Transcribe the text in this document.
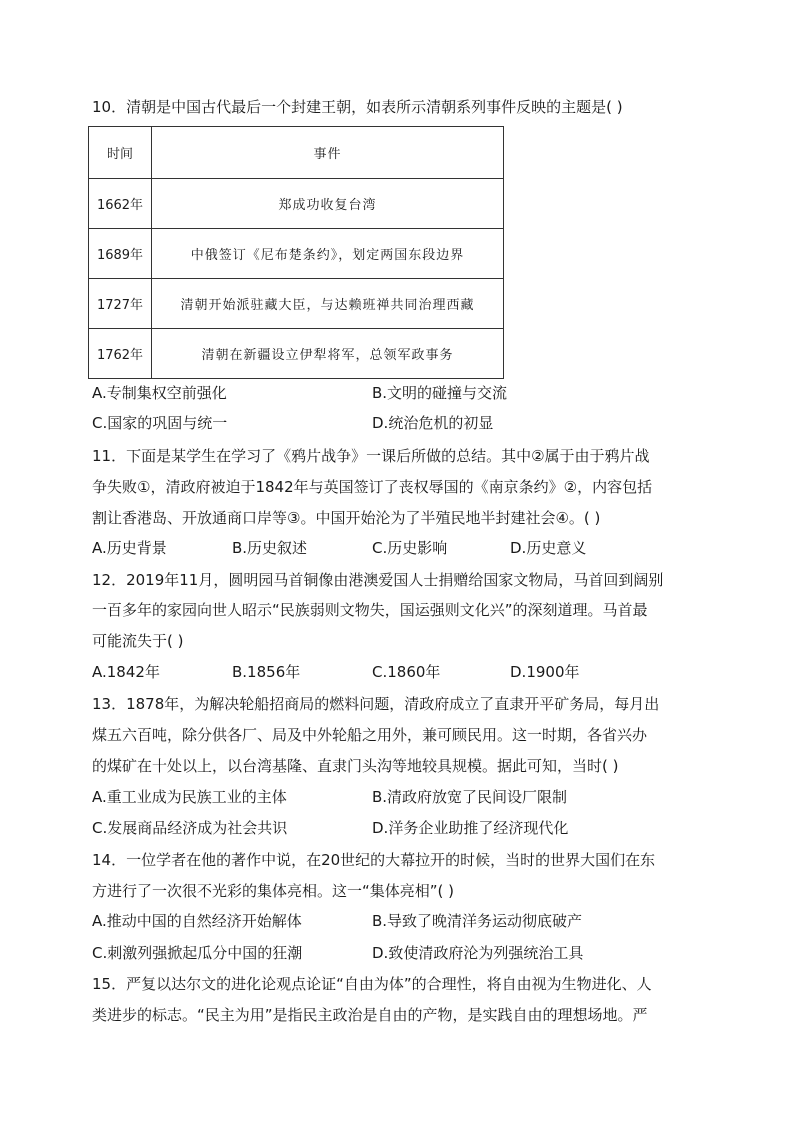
10．清朝是中国古代最后一个封建王朝，如表所示清朝系列事件反映的主题是( )
时间	事件
1662年	郑成功收复台湾
1689年	中俄签订《尼布楚条约》，划定两国东段边界
1727年	清朝开始派驻藏大臣，与达赖班禅共同治理西藏
1762年	清朝在新疆设立伊犁将军，总领军政事务
A.专制集权空前强化	B.文明的碰撞与交流
C.国家的巩固与统一	D.统治危机的初显
11．下面是某学生在学习了《鸦片战争》一课后所做的总结。其中②属于由于鸦片战
争失败①，清政府被迫于1842年与英国签订了丧权辱国的《南京条约》②，内容包括
割让香港岛、开放通商口岸等③。中国开始沦为了半殖民地半封建社会④。( )
A.历史背景	B.历史叙述	C.历史影响	D.历史意义
12．2019年11月，圆明园马首铜像由港澳爱国人士捐赠给国家文物局，马首回到阔别
一百多年的家园向世人昭示“民族弱则文物失，国运强则文化兴”的深刻道理。马首最
可能流失于( )
A.1842年	B.1856年	C.1860年	D.1900年
13．1878年，为解决轮船招商局的燃料问题，清政府成立了直隶开平矿务局，每月出
煤五六百吨，除分供各厂、局及中外轮船之用外，兼可顾民用。这一时期，各省兴办
的煤矿在十处以上，以台湾基隆、直隶门头沟等地较具规模。据此可知，当时( )
A.重工业成为民族工业的主体	B.清政府放宽了民间设厂限制
C.发展商品经济成为社会共识	D.洋务企业助推了经济现代化
14．一位学者在他的著作中说，在20世纪的大幕拉开的时候，当时的世界大国们在东
方进行了一次很不光彩的集体亮相。这一“集体亮相”( )
A.推动中国的自然经济开始解体	B.导致了晚清洋务运动彻底破产
C.刺激列强掀起瓜分中国的狂潮	D.致使清政府沦为列强统治工具
15．严复以达尔文的进化论观点论证“自由为体”的合理性，将自由视为生物进化、人
类进步的标志。“民主为用”是指民主政治是自由的产物，是实践自由的理想场地。严
